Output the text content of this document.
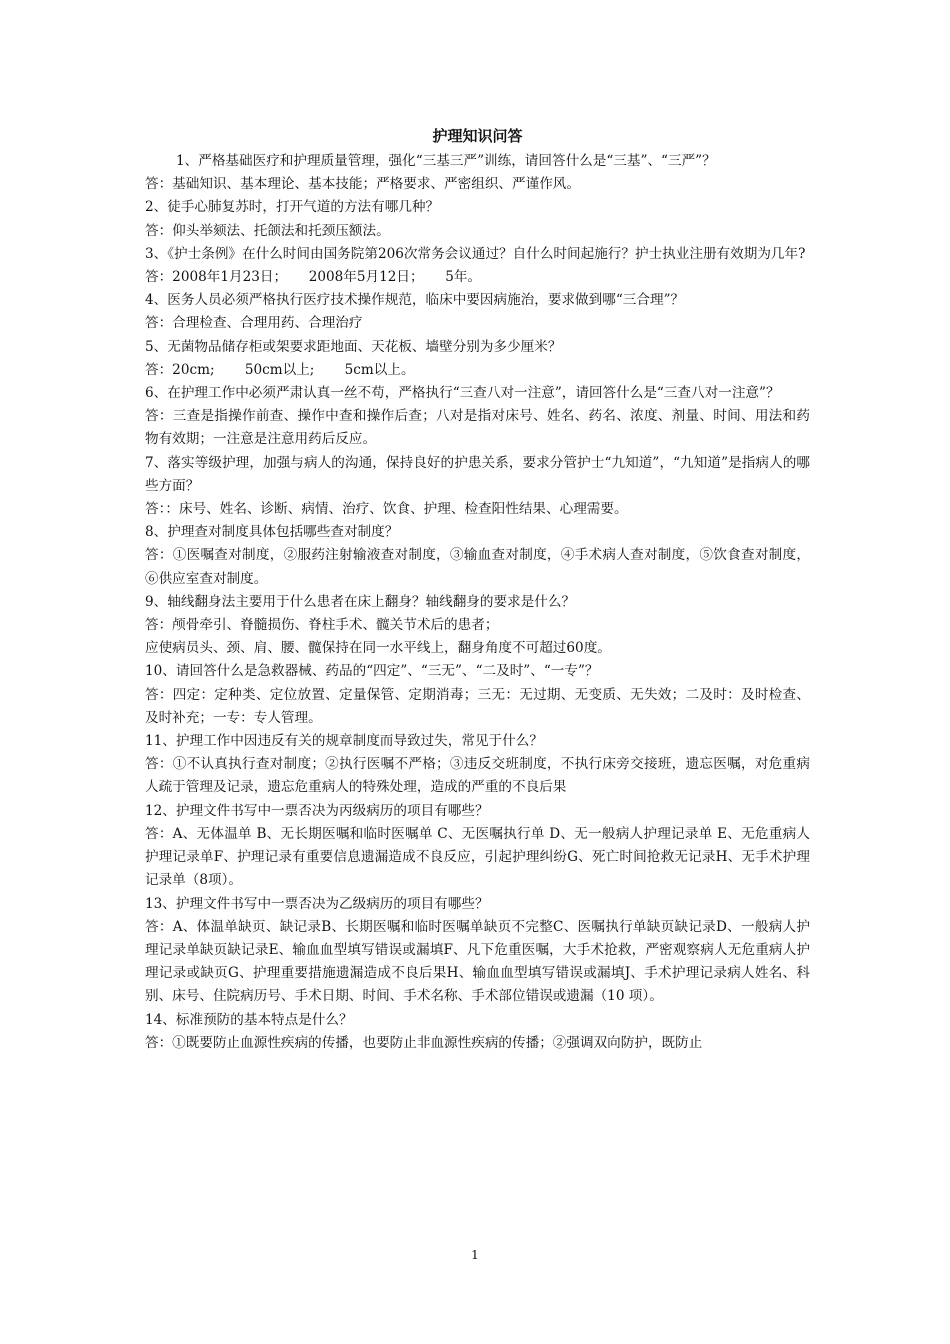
护理知识问答

1、严格基础医疗和护理质量管理，强化“三基三严”训练，请回答什么是“三基”、“三严”？

答：基础知识、基本理论、基本技能；严格要求、严密组织、严谨作风。

2、徒手心肺复苏时，打开气道的方法有哪几种？

答：仰头举颏法、托颌法和托颈压额法。

3、《护士条例》在什么时间由国务院第206次常务会议通过？自什么时间起施行？护士执业注册有效期为几年?

答：2008年1月23日；     2008年5月12日；     5年。

4、医务人员必须严格执行医疗技术操作规范，临床中要因病施治，要求做到哪“三合理”？

答：合理检查、合理用药、合理治疗

5、无菌物品储存柜或架要求距地面、天花板、墙壁分别为多少厘米？

答：20cm;       50cm以上;       5cm以上。

6、在护理工作中必须严肃认真一丝不苟，严格执行“三查八对一注意”，请回答什么是“三查八对一注意”？

答：三查是指操作前查、操作中查和操作后查；八对是指对床号、姓名、药名、浓度、剂量、时间、用法和药物有效期；一注意是注意用药后反应。

7、落实等级护理，加强与病人的沟通，保持良好的护患关系，要求分管护士“九知道”，“九知道”是指病人的哪些方面？

答：：床号、姓名、诊断、病情、治疗、饮食、护理、检查阳性结果、心理需要。

8、护理查对制度具体包括哪些查对制度？

答：①医嘱查对制度，②服药注射输液查对制度，③输血查对制度，④手术病人查对制度，⑤饮食查对制度，⑥供应室查对制度。

9、轴线翻身法主要用于什么患者在床上翻身？轴线翻身的要求是什么？

答：颅骨牵引、脊髓损伤、脊柱手术、髋关节术后的患者；

应使病员头、颈、肩、腰、髋保持在同一水平线上，翻身角度不可超过60度。

10、请回答什么是急救器械、药品的“四定”、“三无”、“二及时”、“一专”？

答：四定：定种类、定位放置、定量保管、定期消毒；三无：无过期、无变质、无失效；二及时：及时检查、及时补充；一专：专人管理。

11、护理工作中因违反有关的规章制度而导致过失，常见于什么？

答：①不认真执行查对制度；②执行医嘱不严格；③违反交班制度，不执行床旁交接班，遗忘医嘱，对危重病人疏于管理及记录，遗忘危重病人的特殊处理，造成的严重的不良后果

12、护理文件书写中一票否决为丙级病历的项目有哪些？

答：A、无体温单 B、无长期医嘱和临时医嘱单 C、无医嘱执行单 D、无一般病人护理记录单 E、无危重病人护理记录单F、护理记录有重要信息遗漏造成不良反应，引起护理纠纷G、死亡时间抢救无记录H、无手术护理记录单（8项）。

13、护理文件书写中一票否决为乙级病历的项目有哪些？

答：A、体温单缺页、缺记录B、长期医嘱和临时医嘱单缺页不完整C、医嘱执行单缺页缺记录D、一般病人护理记录单缺页缺记录E、输血血型填写错误或漏填F、凡下危重医嘱，大手术抢救，严密观察病人无危重病人护理记录或缺页G、护理重要措施遗漏造成不良后果H、输血血型填写错误或漏填J、手术护理记录病人姓名、科别、床号、住院病历号、手术日期、时间、手术名称、手术部位错误或遗漏（10 项）。

14、标准预防的基本特点是什么？

答：①既要防止血源性疾病的传播，也要防止非血源性疾病的传播；②强调双向防护，既防止

1
